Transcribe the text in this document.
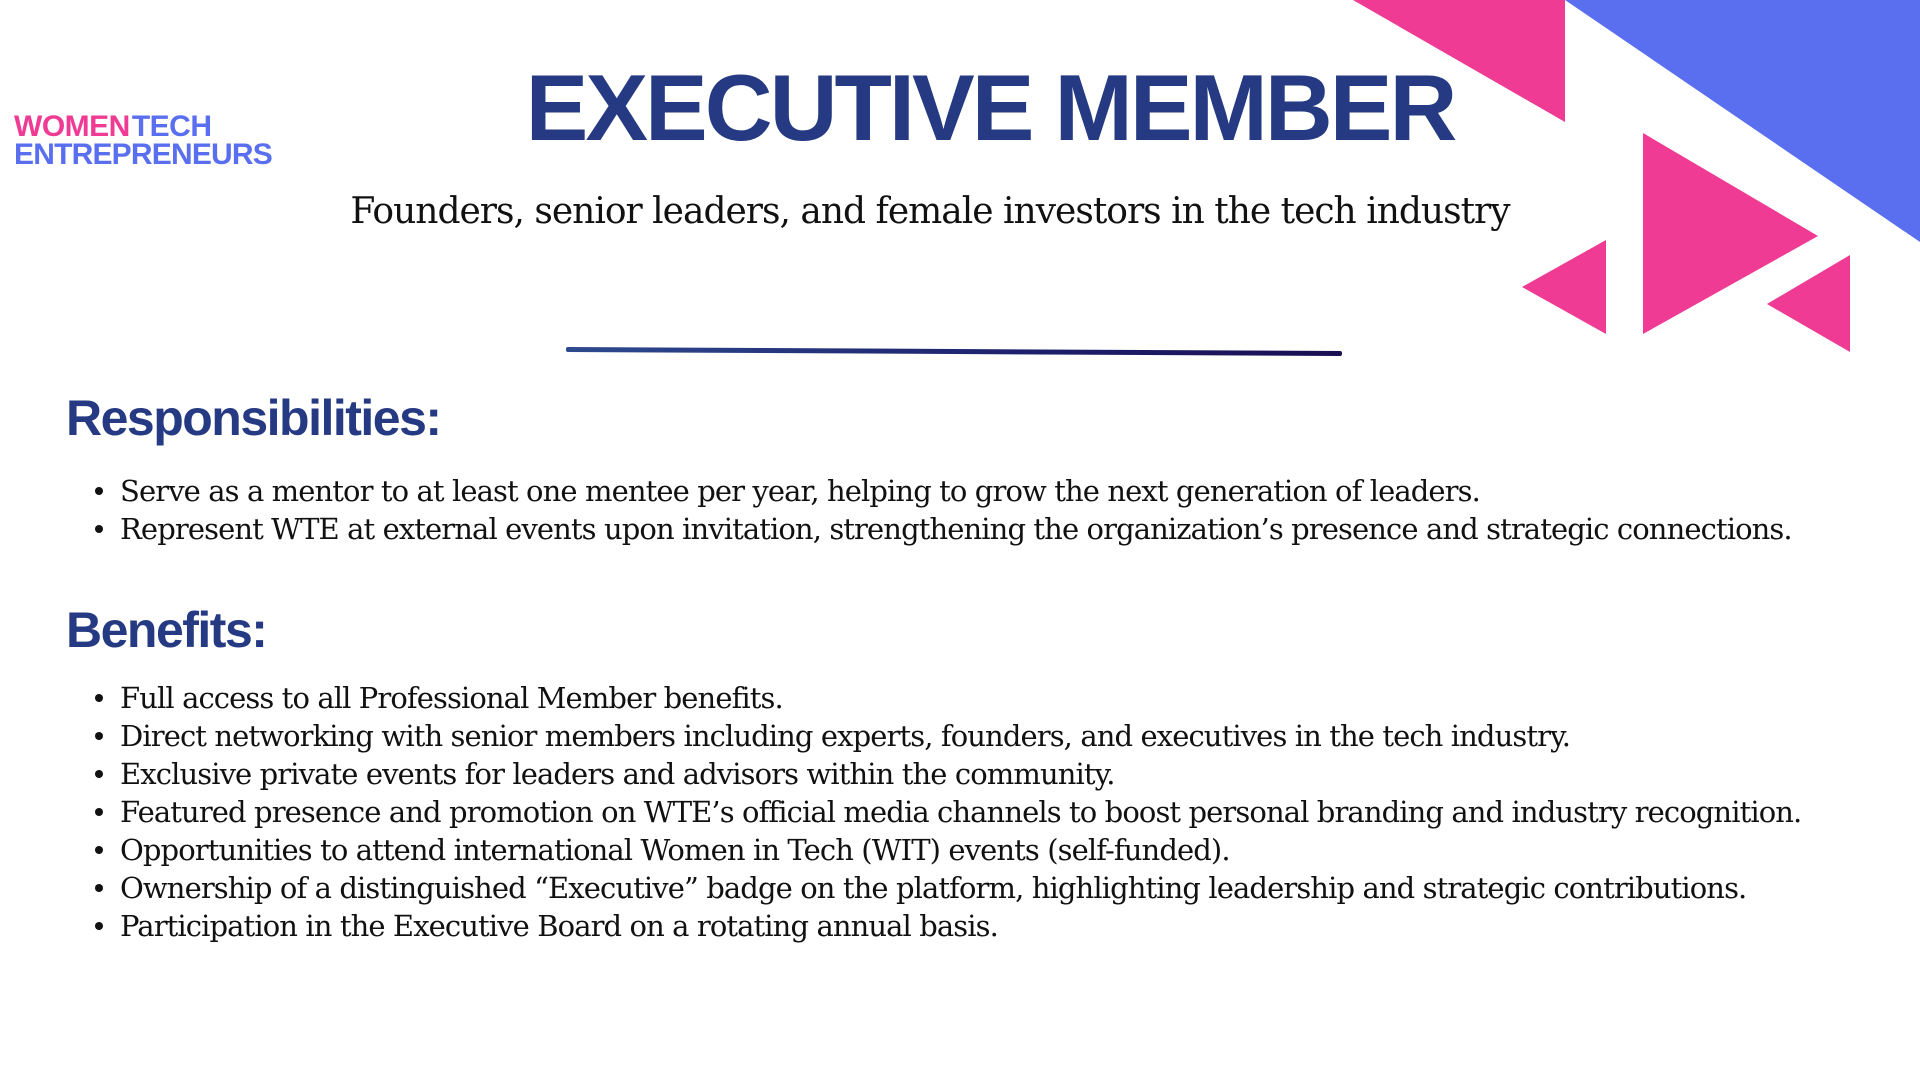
WOMEN TECH
ENTREPRENEURS	EXECUTIVE MEMBER

Founders, senior leaders, and female investors in the tech industry

Responsibilities:
Serve as a mentor to at least one mentee per year, helping to grow the next generation of leaders.
Represent WTE at external events upon invitation, strengthening the organization’s presence and strategic connections.
Benefits:
Full access to all Professional Member benefits.
Direct networking with senior members including experts, founders, and executives in the tech industry.
Exclusive private events for leaders and advisors within the community.
Featured presence and promotion on WTE’s official media channels to boost personal branding and industry recognition.
Opportunities to attend international Women in Tech (WIT) events (self-funded).
Ownership of a distinguished “Executive” badge on the platform, highlighting leadership and strategic contributions.
Participation in the Executive Board on a rotating annual basis.
